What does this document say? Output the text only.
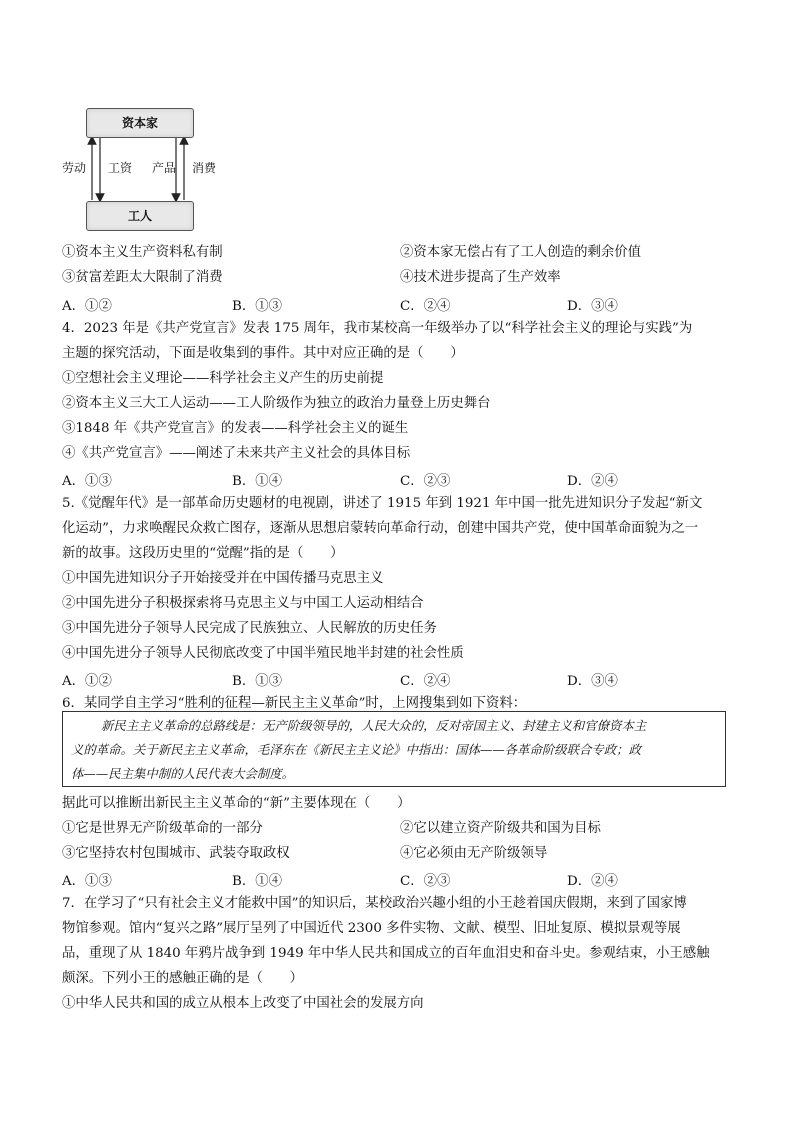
资本家
工人
劳动 工资 产品 消费
①资本主义生产资料私有制	②资本家无偿占有了工人创造的剩余价值
③贫富差距太大限制了消费	④技术进步提高了生产效率
A．①②	B．①③	C．②④	D．③④
4．2023 年是《共产党宣言》发表 175 周年，我市某校高一年级举办了以“科学社会主义的理论与实践”为
主题的探究活动，下面是收集到的事件。其中对应正确的是（　　）
①空想社会主义理论——科学社会主义产生的历史前提
②资本主义三大工人运动——工人阶级作为独立的政治力量登上历史舞台
③1848 年《共产党宣言》的发表——科学社会主义的诞生
④《共产党宣言》——阐述了未来共产主义社会的具体目标
A．①③	B．①④	C．②③	D．②④
5.《觉醒年代》是一部革命历史题材的电视剧，讲述了 1915 年到 1921 年中国一批先进知识分子发起“新文
化运动”，力求唤醒民众救亡图存，逐渐从思想启蒙转向革命行动，创建中国共产党，使中国革命面貌为之一
新的故事。这段历史里的“觉醒”指的是（　　）
①中国先进知识分子开始接受并在中国传播马克思主义
②中国先进分子积极探索将马克思主义与中国工人运动相结合
③中国先进分子领导人民完成了民族独立、人民解放的历史任务
④中国先进分子领导人民彻底改变了中国半殖民地半封建的社会性质
A．①②	B．①③	C．②④	D．③④
6．某同学自主学习“胜利的征程—新民主主义革命”时，上网搜集到如下资料：
新民主主义革命的总路线是：无产阶级领导的，人民大众的，反对帝国主义、封建主义和官僚资本主
义的革命。关于新民主主义革命，毛泽东在《新民主主义论》中指出：国体——各革命阶级联合专政；政
体——民主集中制的人民代表大会制度。
据此可以推断出新民主主义革命的“新”主要体现在（　　）
①它是世界无产阶级革命的一部分	②它以建立资产阶级共和国为目标
③它坚持农村包围城市、武装夺取政权	④它必须由无产阶级领导
A．①③	B．①④	C．②③	D．②④
7．在学习了“只有社会主义才能救中国”的知识后，某校政治兴趣小组的小王趁着国庆假期，来到了国家博
物馆参观。馆内“复兴之路”展厅呈列了中国近代 2300 多件实物、文献、模型、旧址复原、模拟景观等展
品，重现了从 1840 年鸦片战争到 1949 年中华人民共和国成立的百年血泪史和奋斗史。参观结束，小王感触
颇深。下列小王的感触正确的是（　　）
①中华人民共和国的成立从根本上改变了中国社会的发展方向
